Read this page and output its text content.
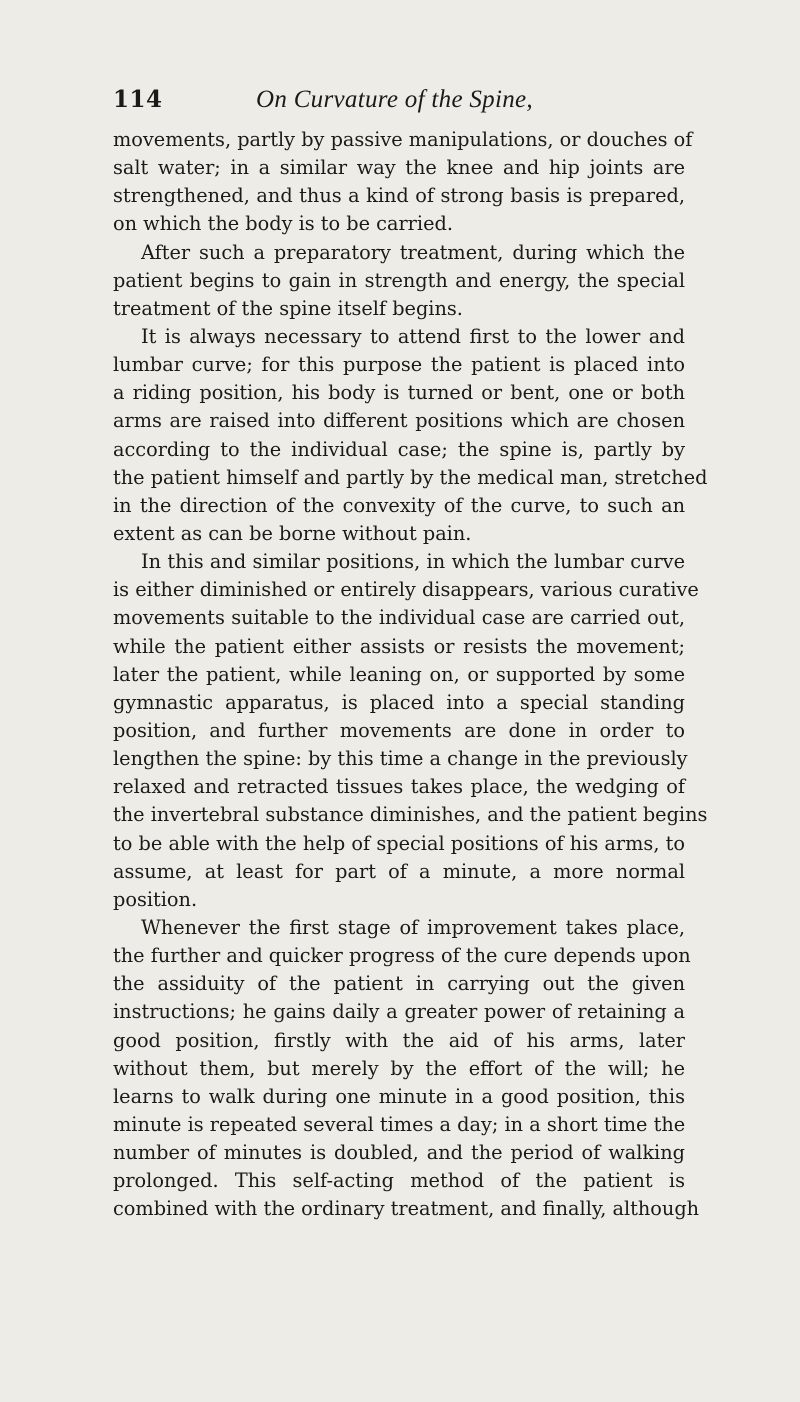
114	On Curvature of the Spine,
movements, partly by passive manipulations, or douches of
salt water; in a similar way the knee and hip joints are
strengthened, and thus a kind of strong basis is prepared,
on which the body is to be carried.
After such a preparatory treatment, during which the
patient begins to gain in strength and energy, the special
treatment of the spine itself begins.
It is always necessary to attend first to the lower and
lumbar curve; for this purpose the patient is placed into
a riding position, his body is turned or bent, one or both
arms are raised into different positions which are chosen
according to the individual case; the spine is, partly by
the patient himself and partly by the medical man, stretched
in the direction of the convexity of the curve, to such an
extent as can be borne without pain.
In this and similar positions, in which the lumbar curve
is either diminished or entirely disappears, various curative
movements suitable to the individual case are carried out,
while the patient either assists or resists the movement;
later the patient, while leaning on, or supported by some
gymnastic apparatus, is placed into a special standing
position, and further movements are done in order to
lengthen the spine: by this time a change in the previously
relaxed and retracted tissues takes place, the wedging of
the invertebral substance diminishes, and the patient begins
to be able with the help of special positions of his arms, to
assume, at least for part of a minute, a more normal
position.
Whenever the first stage of improvement takes place,
the further and quicker progress of the cure depends upon
the assiduity of the patient in carrying out the given
instructions; he gains daily a greater power of retaining a
good position, firstly with the aid of his arms, later
without them, but merely by the effort of the will; he
learns to walk during one minute in a good position, this
minute is repeated several times a day; in a short time the
number of minutes is doubled, and the period of walking
prolonged. This self-acting method of the patient is
combined with the ordinary treatment, and finally, although
